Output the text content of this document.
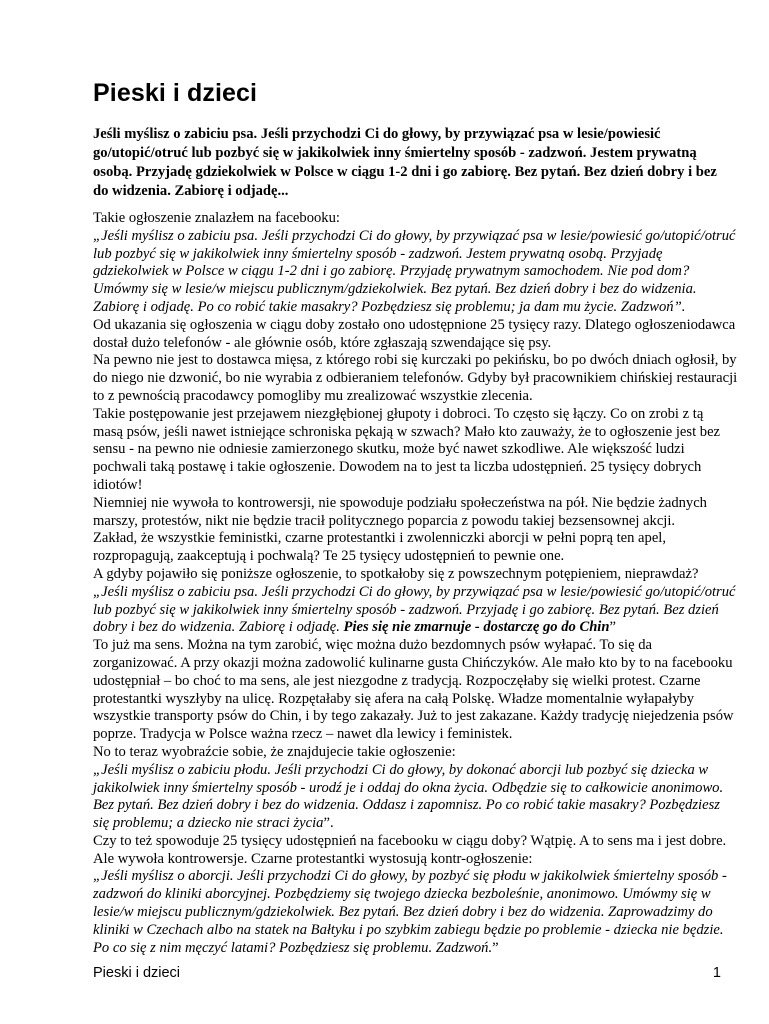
Pieski i dzieci

Jeśli myślisz o zabiciu psa. Jeśli przychodzi Ci do głowy, by przywiązać psa w lesie/powiesić go/utopić/otruć lub pozbyć się w jakikolwiek inny śmiertelny sposób - zadzwoń. Jestem prywatną osobą. Przyjadę gdziekolwiek w Polsce w ciągu 1-2 dni i go zabiorę. Bez pytań. Bez dzień dobry i bez do widzenia. Zabiorę i odjadę...

Takie ogłoszenie znalazłem na facebooku:
„Jeśli myślisz o zabiciu psa. Jeśli przychodzi Ci do głowy, by przywiązać psa w lesie/powiesić go/utopić/otruć
lub pozbyć się w jakikolwiek inny śmiertelny sposób - zadzwoń. Jestem prywatną osobą. Przyjadę
gdziekolwiek w Polsce w ciągu 1-2 dni i go zabiorę. Przyjadę prywatnym samochodem. Nie pod dom?
Umówmy się w lesie/w miejscu publicznym/gdziekolwiek. Bez pytań. Bez dzień dobry i bez do widzenia.
Zabiorę i odjadę. Po co robić takie masakry? Pozbędziesz się problemu; ja dam mu życie. Zadzwoń”.
Od ukazania się ogłoszenia w ciągu doby zostało ono udostępnione 25 tysięcy razy. Dlatego ogłoszeniodawca
dostał dużo telefonów - ale głównie osób, które zgłaszają szwendające się psy.
Na pewno nie jest to dostawca mięsa, z którego robi się kurczaki po pekińsku, bo po dwóch dniach ogłosił, by
do niego nie dzwonić, bo nie wyrabia z odbieraniem telefonów. Gdyby był pracownikiem chińskiej restauracji
to z pewnością pracodawcy pomogliby mu zrealizować wszystkie zlecenia.
Takie postępowanie jest przejawem niezgłębionej głupoty i dobroci. To często się łączy. Co on zrobi z tą
masą psów, jeśli nawet istniejące schroniska pękają w szwach? Mało kto zauważy, że to ogłoszenie jest bez
sensu - na pewno nie odniesie zamierzonego skutku, może być nawet szkodliwe. Ale większość ludzi
pochwali taką postawę i takie ogłoszenie. Dowodem na to jest ta liczba udostępnień. 25 tysięcy dobrych
idiotów!
Niemniej nie wywoła to kontrowersji, nie spowoduje podziału społeczeństwa na pół. Nie będzie żadnych
marszy, protestów, nikt nie będzie tracił politycznego poparcia z powodu takiej bezsensownej akcji.
Zakład, że wszystkie feministki, czarne protestantki i zwolenniczki aborcji w pełni poprą ten apel,
rozpropagują, zaakceptują i pochwalą? Te 25 tysięcy udostępnień to pewnie one.
A gdyby pojawiło się poniższe ogłoszenie, to spotkałoby się z powszechnym potępieniem, nieprawdaż?
„Jeśli myślisz o zabiciu psa. Jeśli przychodzi Ci do głowy, by przywiązać psa w lesie/powiesić go/utopić/otruć
lub pozbyć się w jakikolwiek inny śmiertelny sposób - zadzwoń. Przyjadę i go zabiorę. Bez pytań. Bez dzień
dobry i bez do widzenia. Zabiorę i odjadę. Pies się nie zmarnuje - dostarczę go do Chin”
To już ma sens. Można na tym zarobić, więc można dużo bezdomnych psów wyłapać. To się da
zorganizować. A przy okazji można zadowolić kulinarne gusta Chińczyków. Ale mało kto by to na facebooku
udostępniał – bo choć to ma sens, ale jest niezgodne z tradycją. Rozpoczęłaby się wielki protest. Czarne
protestantki wyszłyby na ulicę. Rozpętałaby się afera na całą Polskę. Władze momentalnie wyłapałyby
wszystkie transporty psów do Chin, i by tego zakazały. Już to jest zakazane. Każdy tradycję niejedzenia psów
poprze. Tradycja w Polsce ważna rzecz – nawet dla lewicy i feministek.
No to teraz wyobraźcie sobie, że znajdujecie takie ogłoszenie:
„Jeśli myślisz o zabiciu płodu. Jeśli przychodzi Ci do głowy, by dokonać aborcji lub pozbyć się dziecka w
jakikolwiek inny śmiertelny sposób - urodź je i oddaj do okna życia. Odbędzie się to całkowicie anonimowo.
Bez pytań. Bez dzień dobry i bez do widzenia. Oddasz i zapomnisz. Po co robić takie masakry? Pozbędziesz
się problemu; a dziecko nie straci życia”.
Czy to też spowoduje 25 tysięcy udostępnień na facebooku w ciągu doby? Wątpię. A to sens ma i jest dobre.
Ale wywoła kontrowersje. Czarne protestantki wystosują kontr-ogłoszenie:
„Jeśli myślisz o aborcji. Jeśli przychodzi Ci do głowy, by pozbyć się płodu w jakikolwiek śmiertelny sposób -
zadzwoń do kliniki aborcyjnej. Pozbędziemy się twojego dziecka bezboleśnie, anonimowo. Umówmy się w
lesie/w miejscu publicznym/gdziekolwiek. Bez pytań. Bez dzień dobry i bez do widzenia. Zaprowadzimy do
kliniki w Czechach albo na statek na Bałtyku i po szybkim zabiegu będzie po problemie - dziecka nie będzie.
Po co się z nim męczyć latami? Pozbędziesz się problemu. Zadzwoń.”
Pieski i dzieci	1
